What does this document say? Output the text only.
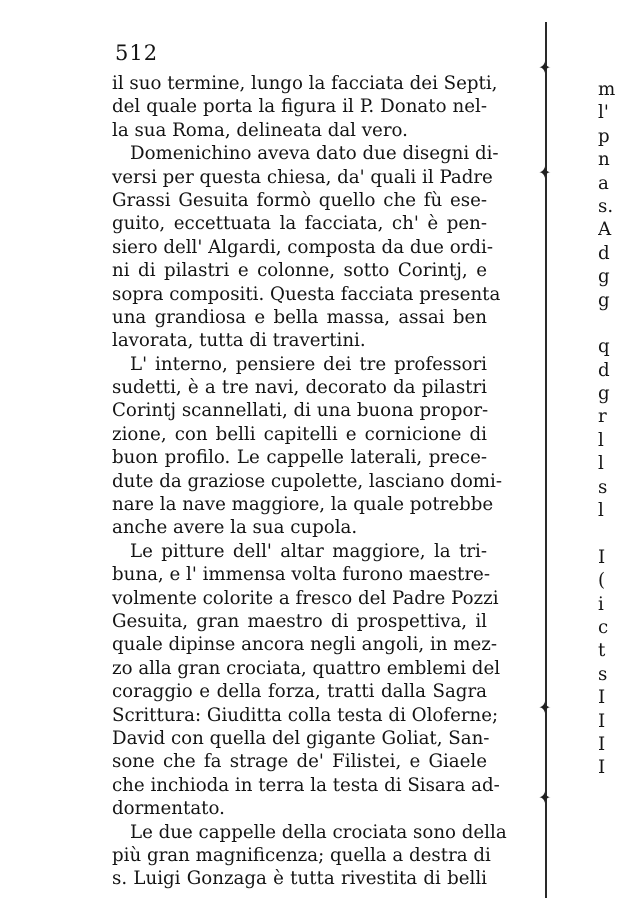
512
il suo termine, lungo la facciata dei Septi,
del quale porta la figura il P. Donato nel-
la sua Roma, delineata dal vero.
Domenichino aveva dato due disegni di-
versi per questa chiesa, da' quali il Padre
Grassi Gesuita formò quello che fù ese-
guito, eccettuata la facciata, ch' è pen-
siero dell' Algardi, composta da due ordi-
ni di pilastri e colonne, sotto Corintj, e
sopra compositi. Questa facciata presenta
una grandiosa e bella massa, assai ben
lavorata, tutta di travertini.
L' interno, pensiere dei tre professori
sudetti, è a tre navi, decorato da pilastri
Corintj scannellati, di una buona propor-
zione, con belli capitelli e cornicione di
buon profilo. Le cappelle laterali, prece-
dute da graziose cupolette, lasciano domi-
nare la nave maggiore, la quale potrebbe
anche avere la sua cupola.
Le pitture dell' altar maggiore, la tri-
buna, e l' immensa volta furono maestre-
volmente colorite a fresco del Padre Pozzi
Gesuita, gran maestro di prospettiva, il
quale dipinse ancora negli angoli, in mez-
zo alla gran crociata, quattro emblemi del
coraggio e della forza, tratti dalla Sagra
Scrittura: Giuditta colla testa di Oloferne;
David con quella del gigante Goliat, San-
sone che fa strage de' Filistei, e Giaele
che inchioda in terra la testa di Sisara ad-
dormentato.
Le due cappelle della crociata sono della
più gran magnificenza; quella a destra di
s. Luigi Gonzaga è tutta rivestita di belli
✦
✦
✦
✦
m
l'
p
n
a
s.
A
d
g
g
q
d
g
r
l
l
s
l
I
(
i
c
t
s
I
I
I
I
